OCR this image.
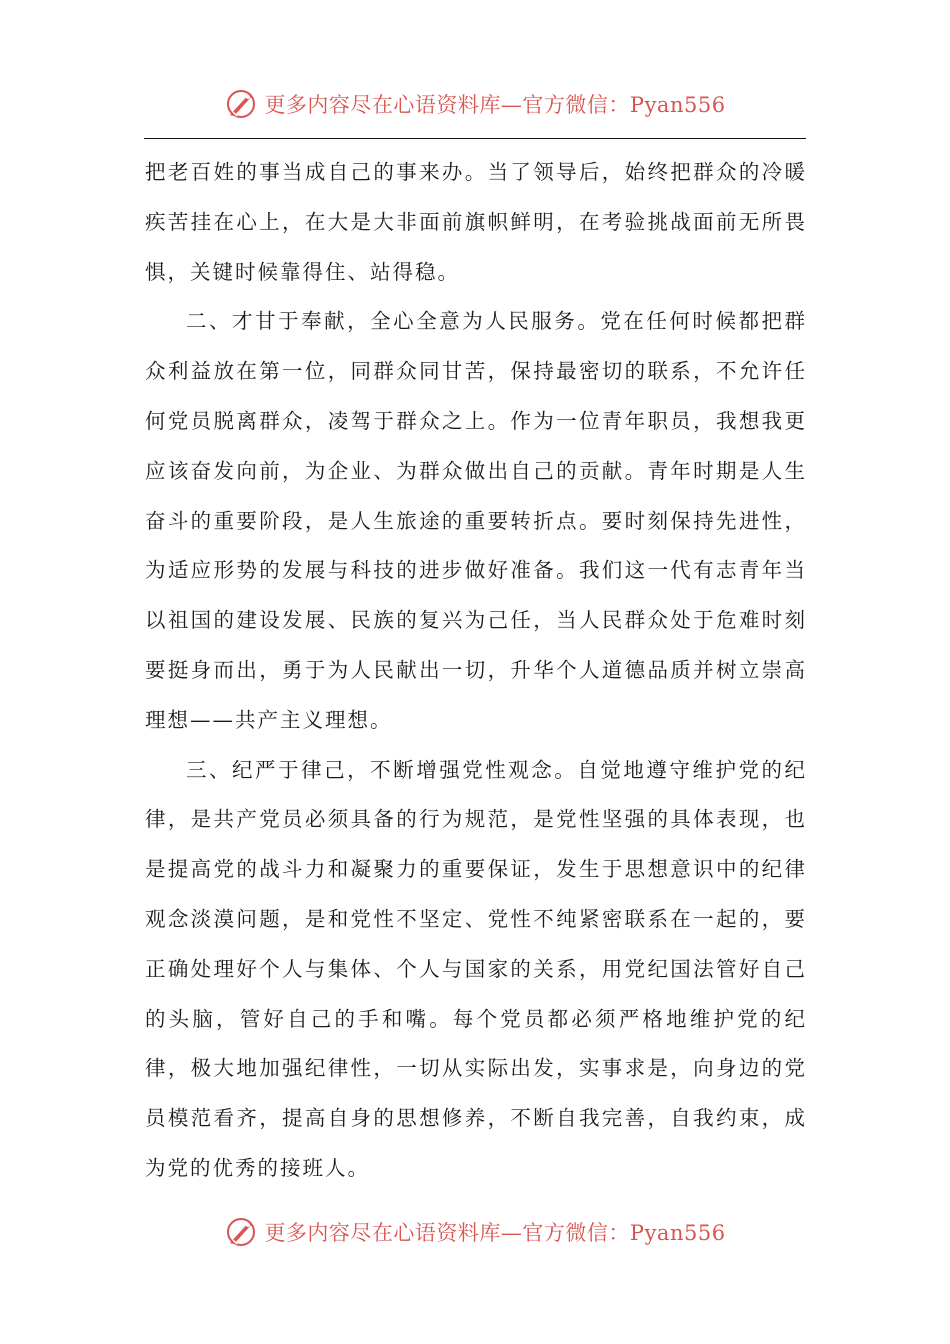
更多内容尽在心语资料库—官方微信：Pyan556

把老百姓的事当成自己的事来办。当了领导后，始终把群众的冷暖疾苦挂在心上，在大是大非面前旗帜鲜明，在考验挑战面前无所畏惧，关键时候靠得住、站得稳。

二、才甘于奉献，全心全意为人民服务。党在任何时候都把群众利益放在第一位，同群众同甘苦，保持最密切的联系，不允许任何党员脱离群众，凌驾于群众之上。作为一位青年职员，我想我更应该奋发向前，为企业、为群众做出自己的贡献。青年时期是人生奋斗的重要阶段，是人生旅途的重要转折点。要时刻保持先进性，为适应形势的发展与科技的进步做好准备。我们这一代有志青年当以祖国的建设发展、民族的复兴为己任，当人民群众处于危难时刻要挺身而出，勇于为人民献出一切，升华个人道德品质并树立崇高理想——共产主义理想。

三、纪严于律己，不断增强党性观念。自觉地遵守维护党的纪律，是共产党员必须具备的行为规范，是党性坚强的具体表现，也是提高党的战斗力和凝聚力的重要保证，发生于思想意识中的纪律观念淡漠问题，是和党性不坚定、党性不纯紧密联系在一起的，要正确处理好个人与集体、个人与国家的关系，用党纪国法管好自己的头脑，管好自己的手和嘴。每个党员都必须严格地维护党的纪律，极大地加强纪律性，一切从实际出发，实事求是，向身边的党员模范看齐，提高自身的思想修养，不断自我完善，自我约束，成为党的优秀的接班人。

更多内容尽在心语资料库—官方微信：Pyan556
